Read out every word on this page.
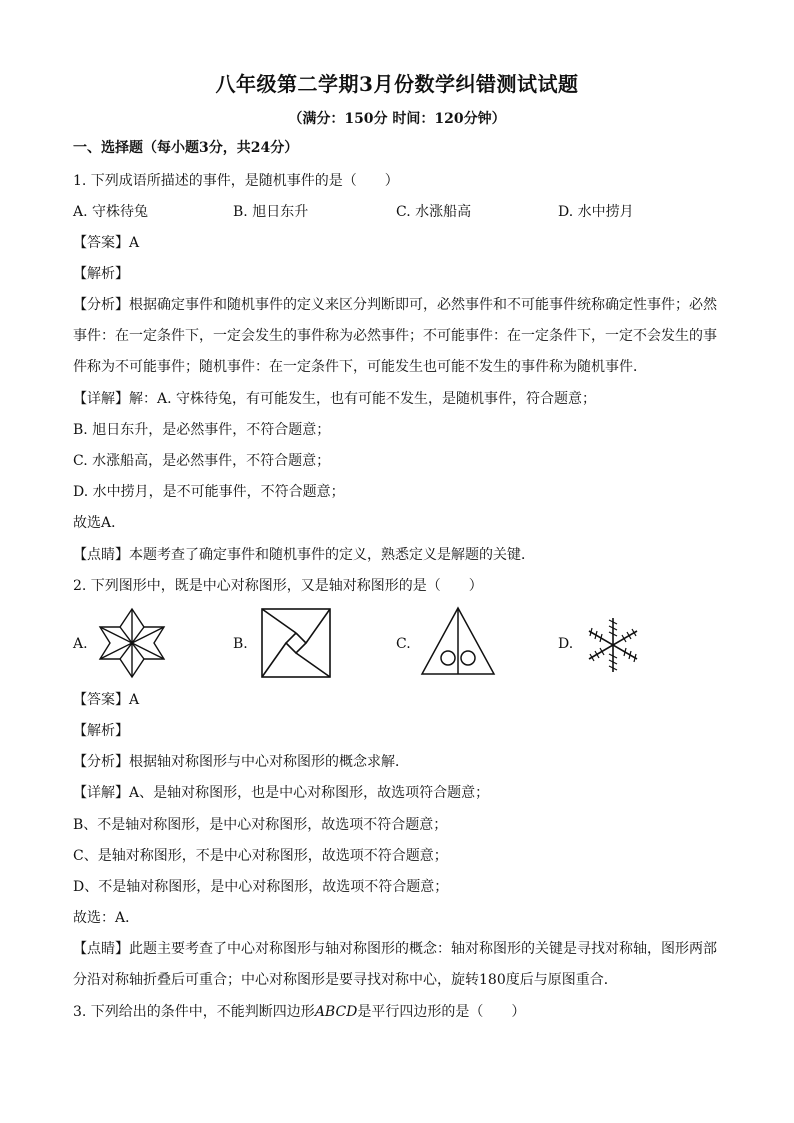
八年级第二学期3月份数学纠错测试试题
（满分：150分 时间：120分钟）
一、选择题（每小题3分，共24分）
1. 下列成语所描述的事件，是随机事件的是（　　）
A. 守株待兔	B. 旭日东升	C. 水涨船高	D. 水中捞月
【答案】A
【解析】
【分析】根据确定事件和随机事件的定义来区分判断即可，必然事件和不可能事件统称确定性事件；必然
事件：在一定条件下，一定会发生的事件称为必然事件；不可能事件：在一定条件下，一定不会发生的事
件称为不可能事件；随机事件：在一定条件下，可能发生也可能不发生的事件称为随机事件．
【详解】解：A. 守株待兔，有可能发生，也有可能不发生，是随机事件，符合题意；
B. 旭日东升，是必然事件，不符合题意；
C. 水涨船高，是必然事件，不符合题意；
D. 水中捞月，是不可能事件，不符合题意；
故选A．
【点睛】本题考查了确定事件和随机事件的定义，熟悉定义是解题的关键．
2. 下列图形中，既是中心对称图形，又是轴对称图形的是（　　）
A.	B.	C.	D.
【答案】A
【解析】
【分析】根据轴对称图形与中心对称图形的概念求解．
【详解】A、是轴对称图形，也是中心对称图形，故选项符合题意；
B、不是轴对称图形，是中心对称图形，故选项不符合题意；
C、是轴对称图形，不是中心对称图形，故选项不符合题意；
D、不是轴对称图形，是中心对称图形，故选项不符合题意；
故选：A．
【点睛】此题主要考查了中心对称图形与轴对称图形的概念：轴对称图形的关键是寻找对称轴，图形两部
分沿对称轴折叠后可重合；中心对称图形是要寻找对称中心，旋转180度后与原图重合．
3. 下列给出的条件中，不能判断四边形ABCD是平行四边形的是（　　）
